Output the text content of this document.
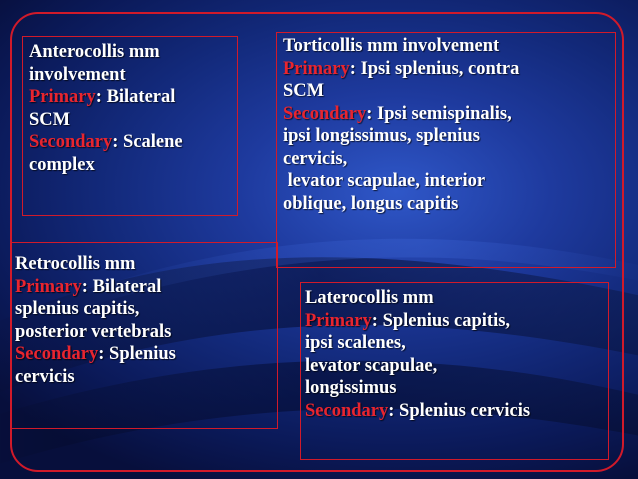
Anterocollis mm
involvement
Primary: Bilateral
SCM
Secondary: Scalene
complex
Torticollis mm involvement
Primary: Ipsi splenius, contra
SCM
Secondary: Ipsi semispinalis,
ipsi longissimus, splenius
cervicis,
levator scapulae, interior
oblique, longus capitis
Retrocollis mm
Primary: Bilateral
splenius capitis,
posterior vertebrals
Secondary: Splenius
cervicis
Laterocollis mm
Primary: Splenius capitis,
ipsi scalenes,
levator scapulae,
longissimus
Secondary: Splenius cervicis
